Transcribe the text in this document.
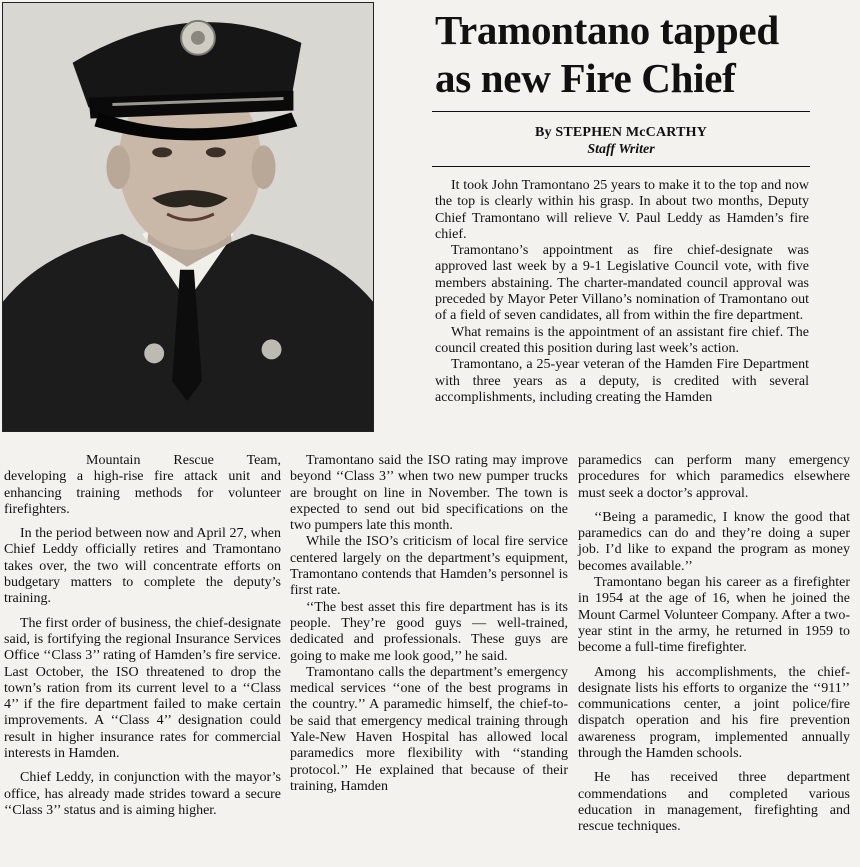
Tramontano tapped
as new Fire Chief
By STEPHEN McCARTHY
Staff Writer

It took John Tramontano 25 years to make it to the top and now the top is clearly within his grasp. In about two months, Deputy Chief Tramontano will relieve V. Paul Leddy as Hamden’s fire chief.

Tramontano’s appointment as fire chief-designate was approved last week by a 9-1 Legislative Council vote, with five members abstaining. The charter-mandated council approval was preceded by Mayor Peter Villano’s nomination of Tramontano out of a field of seven candidates, all from within the fire department.

What remains is the appointment of an assistant fire chief. The council created this position during last week’s action.

Tramontano, a 25-year veteran of the Hamden Fire Department with three years as a deputy, is credited with several accomplishments, including creating the Hamden

Mountain Rescue Team, developing a high-rise fire attack unit and enhancing training methods for volunteer firefighters.

In the period between now and April 27, when Chief Leddy officially retires and Tramontano takes over, the two will concentrate efforts on budgetary matters to complete the deputy’s training.

The first order of business, the chief-designate said, is fortifying the regional Insurance Services Office ‘‘Class 3’’ rating of Hamden’s fire service. Last October, the ISO threatened to drop the town’s ration from its current level to a ‘‘Class 4’’ if the fire department failed to make certain improvements. A ‘‘Class 4’’ designation could result in higher insurance rates for commercial interests in Hamden.

Chief Leddy, in conjunction with the mayor’s office, has already made strides toward a secure ‘‘Class 3’’ status and is aiming higher.

Tramontano said the ISO rating may improve beyond ‘‘Class 3’’ when two new pumper trucks are brought on line in November. The town is expected to send out bid specifications on the two pumpers late this month.

While the ISO’s criticism of local fire service centered largely on the department’s equipment, Tramontano contends that Hamden’s personnel is first rate.

‘‘The best asset this fire department has is its people. They’re good guys — well-trained, dedicated and professionals. These guys are going to make me look good,’’ he said.

Tramontano calls the department’s emergency medical services ‘‘one of the best programs in the country.’’ A paramedic himself, the chief-to-be said that emergency medical training through Yale-New Haven Hospital has allowed local paramedics more flexibility with ‘‘standing protocol.’’ He explained that because of their training, Hamden

paramedics can perform many emergency procedures for which paramedics elsewhere must seek a doctor’s approval.

‘‘Being a paramedic, I know the good that paramedics can do and they’re doing a super job. I’d like to expand the program as money becomes available.’’

Tramontano began his career as a firefighter in 1954 at the age of 16, when he joined the Mount Carmel Volunteer Company. After a two-year stint in the army, he returned in 1959 to become a full-time firefighter.

Among his accomplishments, the chief-designate lists his efforts to organize the ‘‘911’’ communications center, a joint police/fire dispatch operation and his fire prevention awareness program, implemented annually through the Hamden schools.

He has received three department commendations and completed various education in management, firefighting and rescue techniques.
